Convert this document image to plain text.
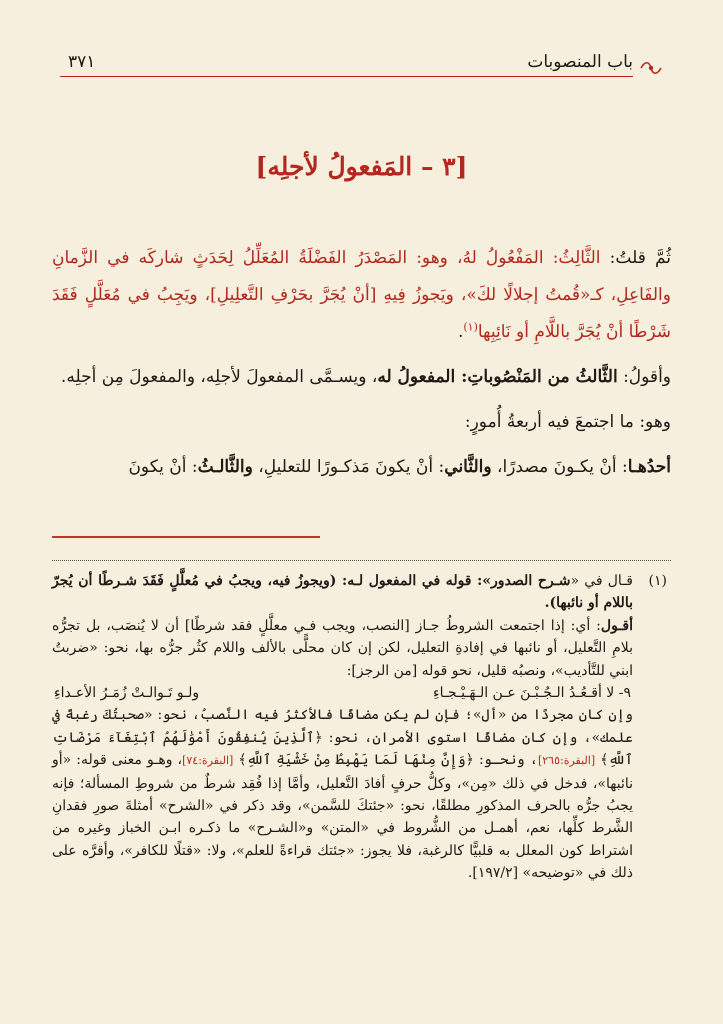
باب المنصوبات
٣٧١
[٣ – المَفعولُ لأجلِه]

ثُمَّ قلتُ: الثَّالِثُ: المَفْعُولُ لهُ، وهو: المَصْدَرُ الفَضْلَةُ المُعَلِّلُ لِحَدَثٍ شاركَه في الزَّمانِ والفَاعِلِ، كـ«قُمتُ إجلالًا لكَ»، ويَجوزُ فِيهِ [أنْ يُجَرَّ بحَرْفِ التَّعلِيلِ]، ويَجِبُ في مُعَلَّلٍ فَقَدَ شَرْطًا أنْ يُجَرَّ باللَّامِ أو نَائِبِها$^{(١)}$.

وأقولُ: الثَّالثُ من المَنْصُوباتِ: المفعولُ له، ويسـمَّى المفعولَ لأجلِه، والمفعولَ مِن أجلِه.

وهو: ما اجتمعَ فيه أربعةُ أُمورٍ:

أحدُهـا: أنْ يكـونَ مصدرًا، والثَّاني: أنْ يكونَ مَذكـورًا للتعليلِ، والثَّالـثُ: أنْ يكونَ

(١)

قـال في «شـرح الصدور»: قوله في المفعول لـه: (ويجوزُ فيه، ويجبُ في مُعلَّلٍ فَقَدَ شـرطًا أن يُجرّ باللام أو نائبها).

أقـول: أي: إذا اجتمعت الشروطُ جـاز [النصب، ويجب فـي معلَّلٍ فقد شرطًا] أن لا يُنصَب، بل تجرُّه بلامِ التَّعليل، أو نائبها في إفادةِ التعليل، لكن إن كان محلًّى بالألف واللام كثُر جرُّه بها، نحو: «ضربتُ ابني للتَّأديب»، ونصبُه قليل، نحو قوله [من الرجز]:

٩- لا أقـعُـدُ الـجُـبْـنَ عـن الـهَـيْـجـاءِ
ولـو تَـوالـتْ زُمَـرُ الأعـداءِ

وإن كان مجردًا من «أل»؛ فإن لم يكن مضافًا فالأكثرُ فيه النَّصبُ، نحو: «صحبتُكَ رغبةً في علمك»، وإن كان مضافًا استوى الأمران، نحو: ﴿ٱلَّذِينَ يُنفِقُونَ أَمْوَٰلَهُمُ ٱبْتِغَآءَ مَرْضَاتِ ٱللَّهِ﴾ [البقرة:٢٦٥]، ونحـو: ﴿وَإِنَّ مِنْهَا لَمَا يَهْبِطُ مِنْ خَشْيَةِ ٱللَّهِ﴾ [البقرة:٧٤]، وهـو معنى قوله: «أو نائبها»، فدخل في ذلك «مِن»، وكلُّ حرفٍ أفادَ التَّعليل، وأمَّا إذا فُقِد شرطٌ من شروطِ المسألة؛ فإنه يجبُ جرُّه بالحرف المذكورِ مطلقًا، نحو: «جئتكَ للسَّمن»، وقد ذكر في «الشرح» أمثلةَ صورِ فقدانِ الشَّرط كلِّها، نعم، أهمـل من الشُّروط في «المتن» و«الشـرح» ما ذكـره ابـن الخباز وغيره من اشتراط كون المعلل به قلبيًّا كالرغبة، فلا يجوز: «جئتك قراءةً للعلم»، ولا: «قتلًا للكافر»، وأقرَّه على ذلك في «توضيحه» [١٩٧/٢].
